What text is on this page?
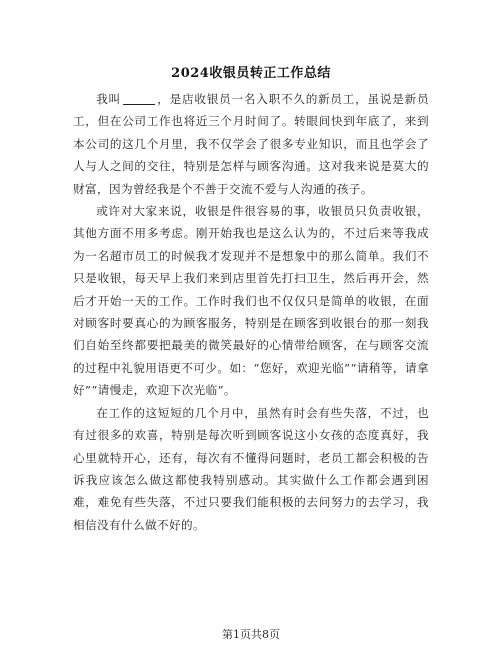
2024收银员转正工作总结

我叫	，是店收银员一名入职不久的新员工，虽说是新员工，但在公司工作也将近三个月时间了。转眼间快到年底了，来到本公司的这几个月里，我不仅学会了很多专业知识，而且也学会了人与人之间的交往，特别是怎样与顾客沟通。这对我来说是莫大的财富，因为曾经我是个不善于交流不爱与人沟通的孩子。

或许对大家来说，收银是件很容易的事，收银员只负责收银，其他方面不用多考虑。刚开始我也是这么认为的，不过后来等我成为一名超市员工的时候我才发现并不是想象中的那么简单。我们不只是收银，每天早上我们来到店里首先打扫卫生，然后再开会，然后才开始一天的工作。工作时我们也不仅仅只是简单的收银，在面对顾客时要真心的为顾客服务，特别是在顾客到收银台的那一刻我们自始至终都要把最美的微笑最好的心情带给顾客，在与顾客交流的过程中礼貌用语更不可少。如：“您好，欢迎光临”“请稍等，请拿好”“请慢走，欢迎下次光临”。

在工作的这短短的几个月中，虽然有时会有些失落，不过，也有过很多的欢喜，特别是每次听到顾客说这小女孩的态度真好，我心里就特开心，还有，每次有不懂得问题时，老员工都会积极的告诉我应该怎么做这都使我特别感动。其实做什么工作都会遇到困难，难免有些失落，不过只要我们能积极的去问努力的去学习，我相信没有什么做不好的。

第1页共8页
